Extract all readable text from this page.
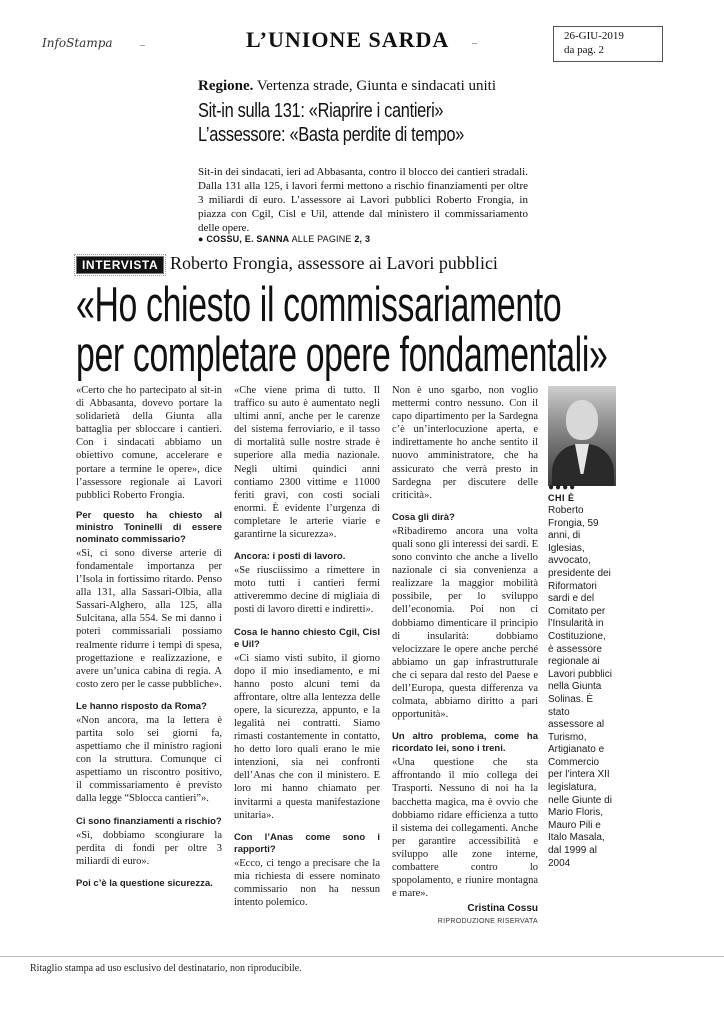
InfoStampa	–	L’UNIONE SARDA –
26-GIU-2019
da pag. 2
Regione. Vertenza strade, Giunta e sindacati uniti
Sit-in sulla 131: «Riaprire i cantieri»
L’assessore: «Basta perdite di tempo»
Sit-in dei sindacati, ieri ad Abbasanta, contro il blocco dei cantieri stradali. Dalla 131 alla 125, i lavori fermi mettono a rischio finanziamenti per oltre 3 miliardi di euro. L’assessore ai Lavori pubblici Roberto Frongia, in piazza con Cgil, Cisl e Uil, attende dal ministero il commissariamento delle opere.
● COSSU, E. SANNA ALLE PAGINE 2, 3
INTERVISTA Roberto Frongia, assessore ai Lavori pubblici
«Ho chiesto il commissariamento
per completare opere fondamentali»

«Certo che ho partecipato al sit-in di Abbasanta, dovevo portare la solidarietà della Giunta alla battaglia per sbloccare i cantieri. Con i sindacati abbiamo un obiettivo comune, accelerare e portare a termine le opere», dice l’assessore regionale ai Lavori pubblici Roberto Frongia.

Per questo ha chiesto al ministro Toninelli di essere nominato commissario?

«Sì, ci sono diverse arterie di fondamentale importanza per l’Isola in fortissimo ritardo. Penso alla 131, alla Sassari-Olbia, alla Sassari-Alghero, alla 125, alla Sulcitana, alla 554. Se mi danno i poteri commissariali possiamo realmente ridurre i tempi di spesa, progettazione e realizzazione, e avere un’unica cabina di regia. A costo zero per le casse pubbliche».

Le hanno risposto da Roma?

«Non ancora, ma la lettera è partita solo sei giorni fa, aspettiamo che il ministro ragioni con la struttura. Comunque ci aspettiamo un riscontro positivo, il commissariamento è previsto dalla legge “Sblocca cantieri”».

Ci sono finanziamenti a rischio?

«Sì, dobbiamo scongiurare la perdita di fondi per oltre 3 miliardi di euro».

Poi c’è la questione sicurezza.

«Che viene prima di tutto. Il traffico su auto è aumentato negli ultimi anni, anche per le carenze del sistema ferroviario, e il tasso di mortalità sulle nostre strade è superiore alla media nazionale. Negli ultimi quindici anni contiamo 2300 vittime e 11000 feriti gravi, con costi sociali enormi. È evidente l’urgenza di completare le arterie viarie e garantirne la sicurezza».

Ancora: i posti di lavoro.

«Se riusciissimo a rimettere in moto tutti i cantieri fermi attiveremmo decine di migliaia di posti di lavoro diretti e indiretti».

Cosa le hanno chiesto Cgil, Cisl e Uil?

«Ci siamo visti subito, il giorno dopo il mio insediamento, e mi hanno posto alcuni temi da affrontare, oltre alla lentezza delle opere, la sicurezza, appunto, e la legalità nei contratti. Siamo rimasti costantemente in contatto, ho detto loro quali erano le mie intenzioni, sia nei confronti dell’Anas che con il ministero. E loro mi hanno chiamato per invitarmi a questa manifestazione unitaria».

Con l’Anas come sono i rapporti?

«Ecco, ci tengo a precisare che la mia richiesta di essere nominato commissario non ha nessun intento polemico.

Non è uno sgarbo, non voglio mettermi contro nessuno. Con il capo dipartimento per la Sardegna c’è un’interlocuzione aperta, e indirettamente ho anche sentito il nuovo amministratore, che ha assicurato che verrà presto in Sardegna per discutere delle criticità».

Cosa gli dirà?

«Ribadiremo ancora una volta quali sono gli interessi dei sardi. E sono convinto che anche a livello nazionale ci sia convenienza a realizzare la maggior mobilità possibile, per lo sviluppo dell’economia. Poi non ci dobbiamo dimenticare il principio di insularità: dobbiamo velocizzare le opere anche perché abbiamo un gap infrastrutturale che ci separa dal resto del Paese e dell’Europa, questa differenza va colmata, abbiamo diritto a pari opportunità».

Un altro problema, come ha ricordato lei, sono i treni.

«Una questione che sta affrontando il mio collega dei Trasporti. Nessuno di noi ha la bacchetta magica, ma è ovvio che dobbiamo ridare efficienza a tutto il sistema dei collegamenti. Anche per garantire accessibilità e sviluppo alle zone interne, combattere contro lo spopolamento, e riunire montagna e mare».

Cristina Cossu
RIPRODUZIONE RISERVATA
●●●●
CHI È
Roberto Frongia, 59 anni, di Iglesias, avvocato, presidente dei Riformatori sardi e del Comitato per l’Insularità in Costituzione, è assessore regionale ai Lavori pubblici nella Giunta Solinas. È stato assessore al Turismo, Artigianato e Commercio per l’intera XII legislatura, nelle Giunte di Mario Floris, Mauro Pili e Italo Masala, dal 1999 al 2004
Ritaglio stampa ad uso esclusivo del destinatario, non riproducibile.
